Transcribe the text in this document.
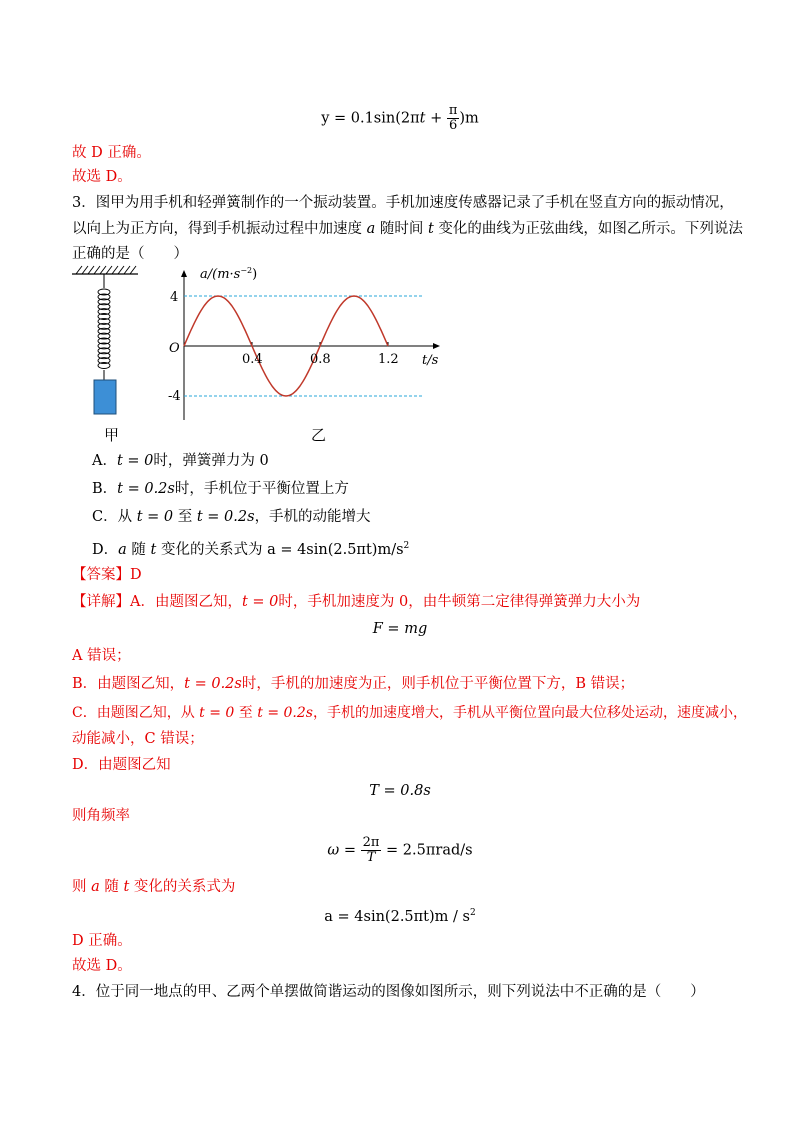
$y = 0.1\sin(2\pi t + \frac{\pi}{6} )m$
故 D 正确。
故选 D。
3．图甲为用手机和轻弹簧制作的一个振动装置。手机加速度传感器记录了手机在竖直方向的振动情况，
以向上为正方向，得到手机振动过程中加速度 a 随时间 t 变化的曲线为正弦曲线，如图乙所示。下列说法
正确的是（　　）
甲
$a/(m\cdot s^{-2})$
O
4
-4
0.4	0.8	1.2 t/s
乙
A．t = 0时，弹簧弹力为 0
B．t = 0.2s时，手机位于平衡位置上方
C．从 t = 0 至 t = 0.2s，手机的动能增大
D．a 随 t 变化的关系式为 $a = 4\sin(2.5\pi t)m/s^2$
【答案】D
【详解】A．由题图乙知，t = 0时，手机加速度为 0，由牛顿第二定律得弹簧弹力大小为
F = mg
A 错误；
B．由题图乙知，t = 0.2s时，手机的加速度为正，则手机位于平衡位置下方，B 错误；
C．由题图乙知，从 t = 0 至 t = 0.2s，手机的加速度增大，手机从平衡位置向最大位移处运动，速度减小，
动能减小，C 错误；
D．由题图乙知
T = 0.8s
则角频率
$\omega = \frac{2\pi}{T} = 2.5\pi rad/s$
则 a 随 t 变化的关系式为
$a = 4\sin(2.5\pi t)m / s^2$
D 正确。
故选 D。
4．位于同一地点的甲、乙两个单摆做简谐运动的图像如图所示，则下列说法中不正确的是（　　）
